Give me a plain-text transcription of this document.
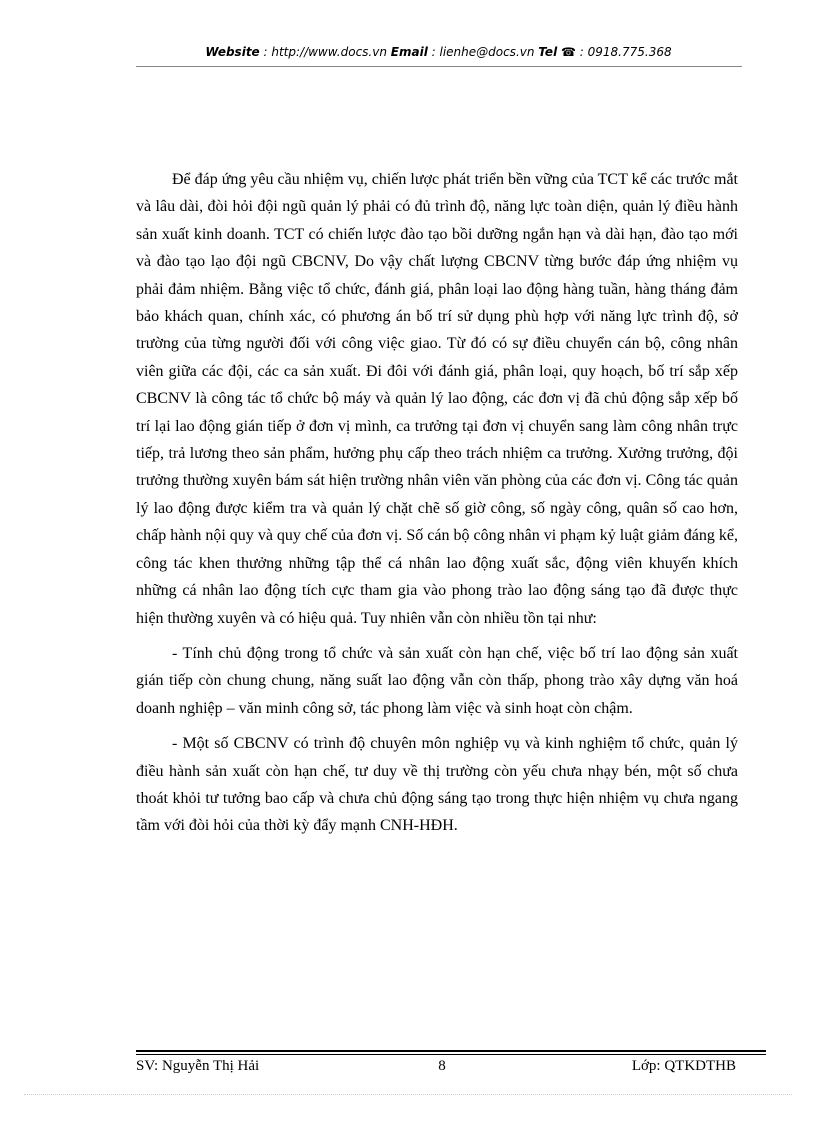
Website : http://www.docs.vn Email : lienhe@docs.vn Tel ☎ : 0918.775.368

Để đáp ứng yêu cầu nhiệm vụ, chiến lược phát triển bền vững của TCT kể các trước mắt và lâu dài, đòi hỏi đội ngũ quản lý phải có đủ trình độ, năng lực toàn diện, quản lý điều hành sản xuất kinh doanh. TCT có chiến lược đào tạo bồi dưỡng ngắn hạn và dài hạn, đào tạo mới và đào tạo lạo đội ngũ CBCNV, Do vậy chất lượng CBCNV từng bước đáp ứng nhiệm vụ phải đảm nhiệm. Bằng việc tổ chức, đánh giá, phân loại lao động hàng tuần, hàng tháng đảm bảo khách quan, chính xác, có phương án bố trí sử dụng phù hợp với năng lực trình độ, sở trường của từng người đối với công việc giao. Từ đó có sự điều chuyển cán bộ, công nhân viên giữa các đội, các ca sản xuất. Đi đôi với đánh giá, phân loại, quy hoạch, bố trí sắp xếp CBCNV là công tác tổ chức bộ máy và quản lý lao động, các đơn vị đã chủ động sắp xếp bố trí lại lao động gián tiếp ở đơn vị mình, ca trưởng tại đơn vị chuyển sang làm công nhân trực tiếp, trả lương theo sản phẩm, hưởng phụ cấp theo trách nhiệm ca trưởng. Xưởng trưởng, đội trưởng thường xuyên bám sát hiện trường nhân viên văn phòng của các đơn vị. Công tác quản lý lao động được kiểm tra và quản lý chặt chẽ số giờ công, số ngày công, quân số cao hơn, chấp hành nội quy và quy chế của đơn vị. Số cán bộ công nhân vi phạm kỷ luật giảm đáng kể, công tác khen thưởng những tập thể cá nhân lao động xuất sắc, động viên khuyến khích những cá nhân lao động tích cực tham gia vào phong trào lao động sáng tạo đã được thực hiện thường xuyên và có hiệu quả. Tuy nhiên vẫn còn nhiều tồn tại như:

- Tính chủ động trong tổ chức và sản xuất còn hạn chế, việc bố trí lao động sản xuất gián tiếp còn chung chung, năng suất lao động vẫn còn thấp, phong trào xây dựng văn hoá doanh nghiệp – văn minh công sở, tác phong làm việc và sinh hoạt còn chậm.

- Một số CBCNV có trình độ chuyên môn nghiệp vụ và kinh nghiệm tổ chức, quản lý điều hành sản xuất còn hạn chế, tư duy về thị trường còn yếu chưa nhạy bén, một số chưa thoát khỏi tư tưởng bao cấp và chưa chủ động sáng tạo trong thực hiện nhiệm vụ chưa ngang tầm với đòi hỏi của thời kỳ đẩy mạnh CNH-HĐH.

SV: Nguyễn Thị Hải	8	Lớp: QTKDTHB
